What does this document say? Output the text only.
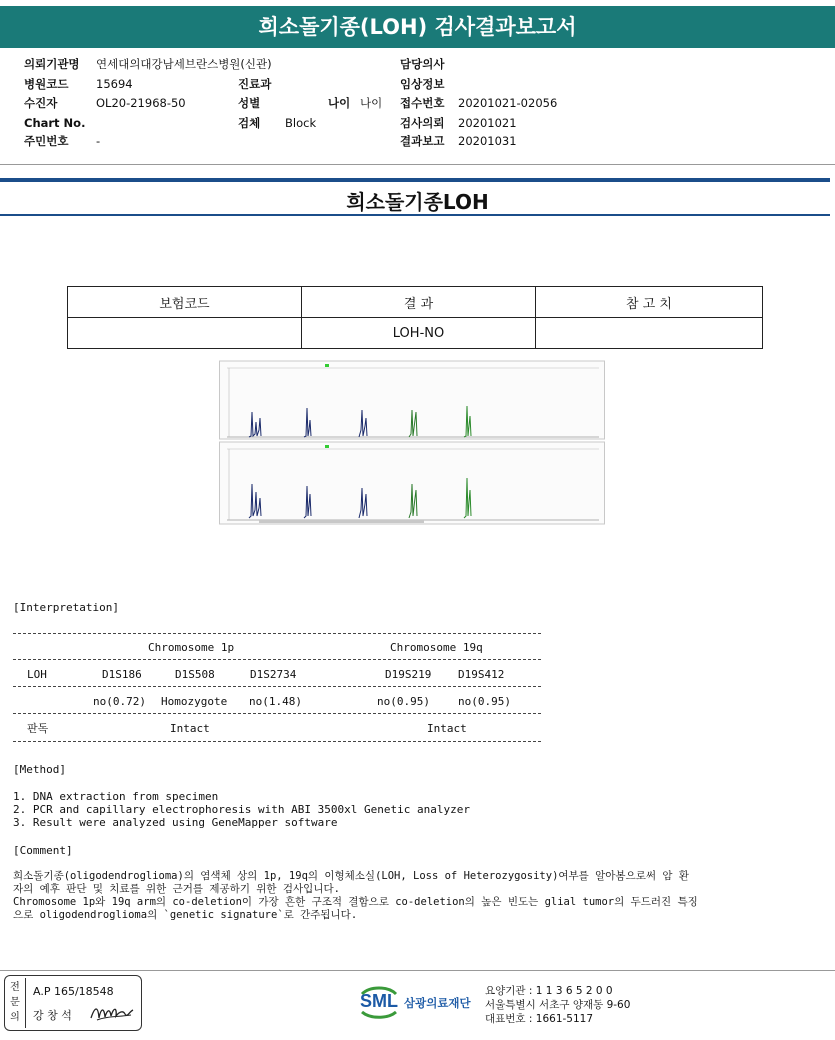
희소돌기종(LOH) 검사결과보고서
의뢰기관명 연세대의대강남세브란스병원(신관)
병원코드 15694
수진자	OL20-21968-50
Chart No.
주민번호 -
진료과
성별	나이 나이
검체 Block
담당의사
임상정보
접수번호 20201021-02056
검사의뢰 20201021
결과보고 20201031
희소돌기종LOH
보험코드	결 과	참 고 치
	LOH-NO	
[Interpretation]
Chromosome 1p	Chromosome 19q
LOH	D1S186	D1S508	D1S2734	D19S219 D19S412
no(0.72) Homozygote no(1.48)	no(0.95)	no(0.95)
판독	Intact	Intact
[Method]
1. DNA extraction from specimen
2. PCR and capillary electrophoresis with ABI 3500xl Genetic analyzer
3. Result were analyzed using GeneMapper software
[Comment]
희소돌기종(oligodendroglioma)의 염색체 상의 1p, 19q의 이형체소실(LOH, Loss of Heterozygosity)여부를 알아봄으로써 암 환
자의 예후 판단 및 치료를 위한 근거를 제공하기 위한 검사입니다.
Chromosome 1p와 19q arm의 co-deletion이 가장 흔한 구조적 결함으로 co-deletion의 높은 빈도는 glial tumor의 두드러진 특징
으로 oligodendroglioma의 `genetic signature`로 간주됩니다.
전
문
의
A.P 165/18548
강 창 석
SML 삼광의료재단
요양기관 : 1 1 3 6 5 2 0 0
서울특별시 서초구 양재동 9-60
대표번호 : 1661-5117
